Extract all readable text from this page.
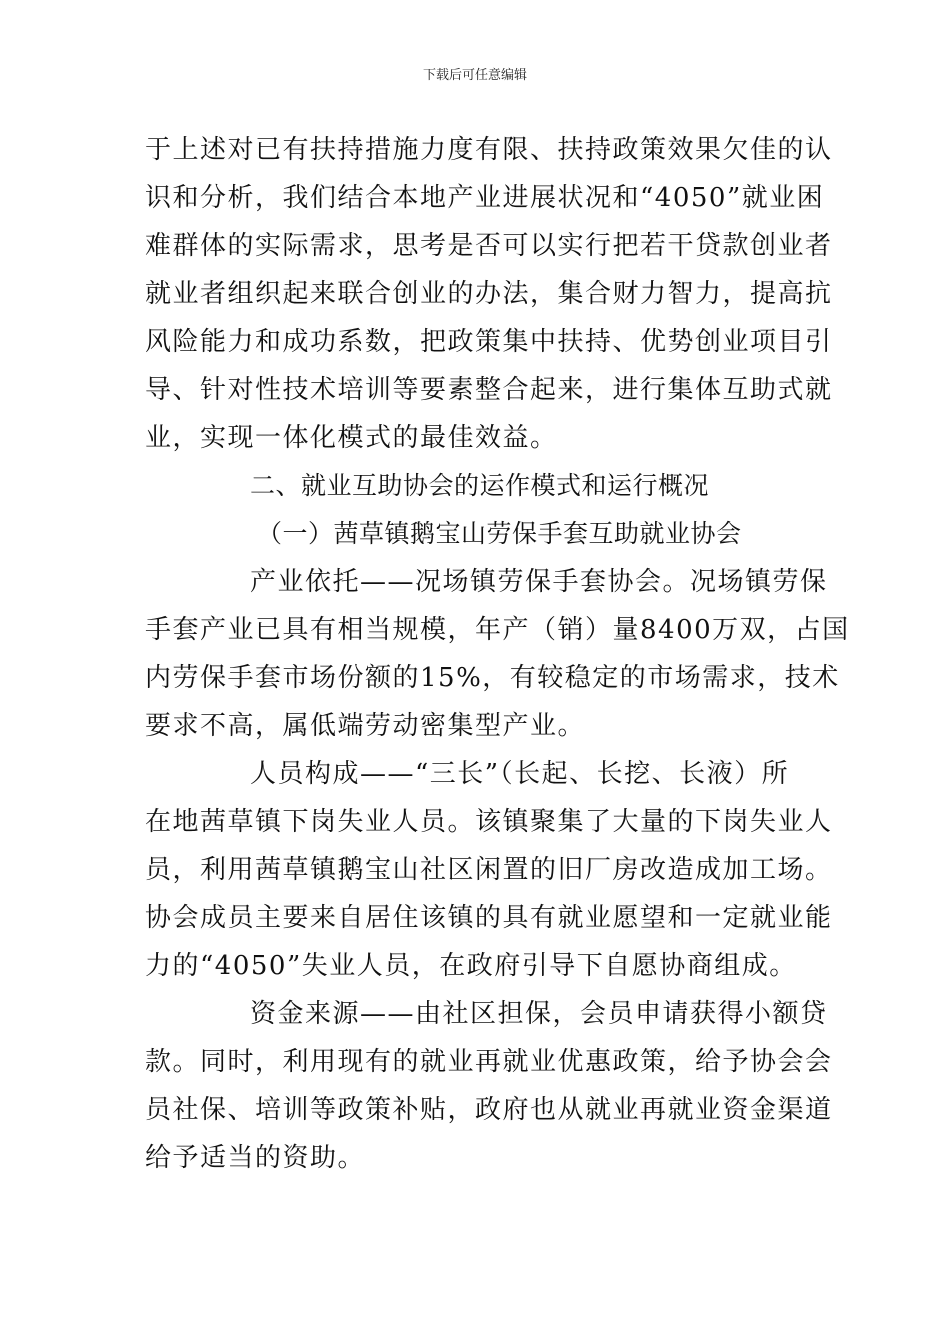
下载后可任意编辑
于上述对已有扶持措施力度有限、扶持政策效果欠佳的认
识和分析，我们结合本地产业进展状况和“4050”就业困
难群体的实际需求，思考是否可以实行把若干贷款创业者
就业者组织起来联合创业的办法，集合财力智力，提高抗
风险能力和成功系数，把政策集中扶持、优势创业项目引
导、针对性技术培训等要素整合起来，进行集体互助式就
业，实现一体化模式的最佳效益。
二、就业互助协会的运作模式和运行概况
（一）茜草镇鹅宝山劳保手套互助就业协会
产业依托——况场镇劳保手套协会。况场镇劳保
手套产业已具有相当规模，年产（销）量8400万双，占国
内劳保手套市场份额的15%，有较稳定的市场需求，技术
要求不高，属低端劳动密集型产业。
人员构成——“三长”（长起、长挖、长液）所
在地茜草镇下岗失业人员。该镇聚集了大量的下岗失业人
员，利用茜草镇鹅宝山社区闲置的旧厂房改造成加工场。
协会成员主要来自居住该镇的具有就业愿望和一定就业能
力的“4050”失业人员，在政府引导下自愿协商组成。
资金来源——由社区担保，会员申请获得小额贷
款。同时，利用现有的就业再就业优惠政策，给予协会会
员社保、培训等政策补贴，政府也从就业再就业资金渠道
给予适当的资助。
